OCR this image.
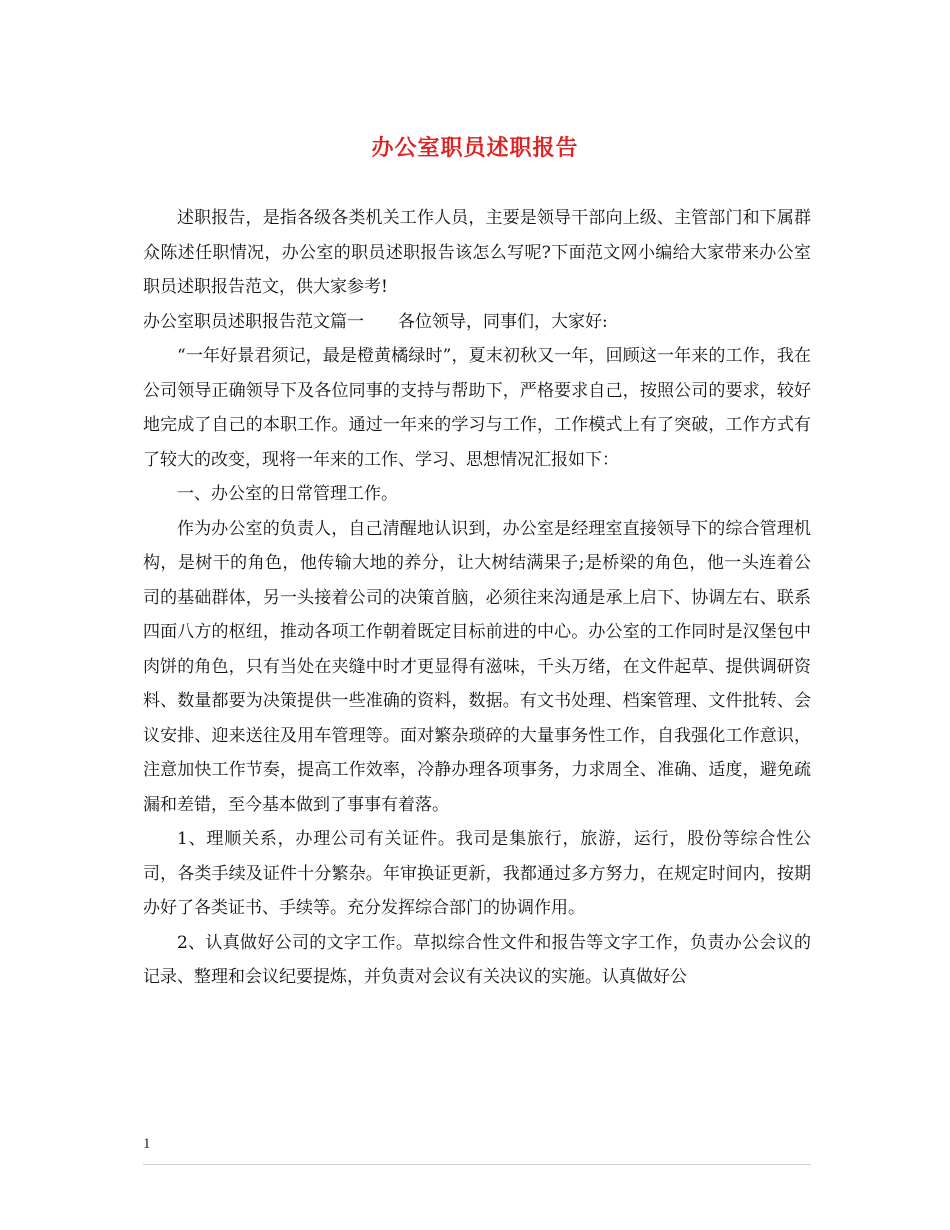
办公室职员述职报告

述职报告，是指各级各类机关工作人员，主要是领导干部向上级、主管部门和下属群众陈述任职情况，办公室的职员述职报告该怎么写呢?下面范文网小编给大家带来办公室职员述职报告范文，供大家参考!

办公室职员述职报告范文篇一　　各位领导，同事们，大家好:

“一年好景君须记，最是橙黄橘绿时”，夏末初秋又一年，回顾这一年来的工作，我在公司领导正确领导下及各位同事的支持与帮助下，严格要求自己，按照公司的要求，较好地完成了自己的本职工作。通过一年来的学习与工作，工作模式上有了突破，工作方式有了较大的改变，现将一年来的工作、学习、思想情况汇报如下：

一、办公室的日常管理工作。

作为办公室的负责人，自己清醒地认识到，办公室是经理室直接领导下的综合管理机构，是树干的角色，他传输大地的养分，让大树结满果子;是桥梁的角色，他一头连着公司的基础群体，另一头接着公司的决策首脑，必须往来沟通是承上启下、协调左右、联系四面八方的枢纽，推动各项工作朝着既定目标前进的中心。办公室的工作同时是汉堡包中肉饼的角色，只有当处在夹缝中时才更显得有滋味，千头万绪，在文件起草、提供调研资料、数量都要为决策提供一些准确的资料，数据。有文书处理、档案管理、文件批转、会议安排、迎来送往及用车管理等。面对繁杂琐碎的大量事务性工作，自我强化工作意识，注意加快工作节奏，提高工作效率，冷静办理各项事务，力求周全、准确、适度，避免疏漏和差错，至今基本做到了事事有着落。

1、理顺关系，办理公司有关证件。我司是集旅行，旅游，运行，股份等综合性公司，各类手续及证件十分繁杂。年审换证更新，我都通过多方努力，在规定时间内，按期办好了各类证书、手续等。充分发挥综合部门的协调作用。

2、认真做好公司的文字工作。草拟综合性文件和报告等文字工作，负责办公会议的记录、整理和会议纪要提炼，并负责对会议有关决议的实施。认真做好公

1
